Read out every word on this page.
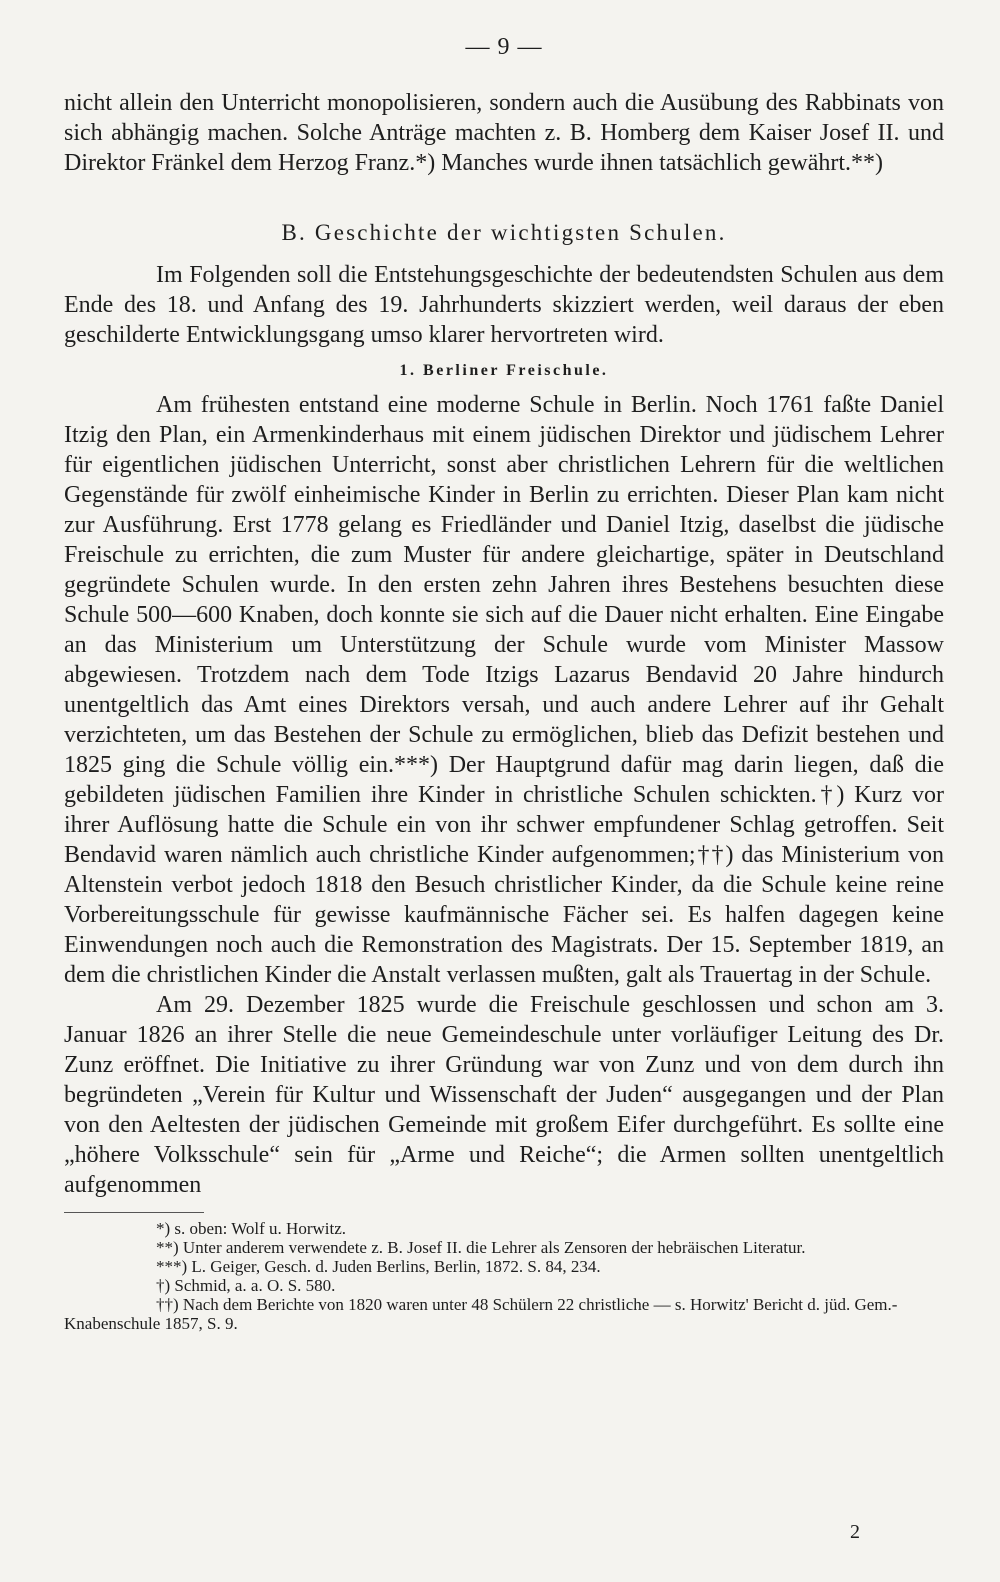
— 9 —

nicht allein den Unterricht monopolisieren, sondern auch die Ausübung des Rabbinats von sich abhängig machen. Solche Anträge machten z. B. Homberg dem Kaiser Josef II. und Direktor Fränkel dem Herzog Franz.*) Manches wurde ihnen tatsächlich gewährt.**)

B. Geschichte der wichtigsten Schulen.

Im Folgenden soll die Entstehungsgeschichte der bedeutendsten Schulen aus dem Ende des 18. und Anfang des 19. Jahrhunderts skizziert werden, weil daraus der eben geschilderte Entwicklungsgang umso klarer hervortreten wird.

1. Berliner Freischule.

Am frühesten entstand eine moderne Schule in Berlin. Noch 1761 faßte Daniel Itzig den Plan, ein Armenkinderhaus mit einem jüdischen Direktor und jüdischem Lehrer für eigentlichen jüdischen Unterricht, sonst aber christlichen Lehrern für die weltlichen Gegenstände für zwölf einheimische Kinder in Berlin zu errichten. Dieser Plan kam nicht zur Ausführung. Erst 1778 gelang es Friedländer und Daniel Itzig, daselbst die jüdische Freischule zu errichten, die zum Muster für andere gleichartige, später in Deutschland gegründete Schulen wurde. In den ersten zehn Jahren ihres Bestehens besuchten diese Schule 500—600 Knaben, doch konnte sie sich auf die Dauer nicht erhalten. Eine Eingabe an das Ministerium um Unterstützung der Schule wurde vom Minister Massow abgewiesen. Trotzdem nach dem Tode Itzigs Lazarus Bendavid 20 Jahre hindurch unentgeltlich das Amt eines Direktors versah, und auch andere Lehrer auf ihr Gehalt verzichteten, um das Bestehen der Schule zu ermöglichen, blieb das Defizit bestehen und 1825 ging die Schule völlig ein.***) Der Hauptgrund dafür mag darin liegen, daß die gebildeten jüdischen Familien ihre Kinder in christliche Schulen schickten.†) Kurz vor ihrer Auflösung hatte die Schule ein von ihr schwer empfundener Schlag getroffen. Seit Bendavid waren nämlich auch christliche Kinder aufgenommen;††) das Ministerium von Altenstein verbot jedoch 1818 den Besuch christlicher Kinder, da die Schule keine reine Vorbereitungsschule für gewisse kaufmännische Fächer sei. Es halfen dagegen keine Einwendungen noch auch die Remonstration des Magistrats. Der 15. September 1819, an dem die christlichen Kinder die Anstalt verlassen mußten, galt als Trauertag in der Schule.

Am 29. Dezember 1825 wurde die Freischule geschlossen und schon am 3. Januar 1826 an ihrer Stelle die neue Gemeindeschule unter vorläufiger Leitung des Dr. Zunz eröffnet. Die Initiative zu ihrer Gründung war von Zunz und von dem durch ihn begründeten „Verein für Kultur und Wissenschaft der Juden“ ausgegangen und der Plan von den Aeltesten der jüdischen Gemeinde mit großem Eifer durchgeführt. Es sollte eine „höhere Volksschule“ sein für „Arme und Reiche“; die Armen sollten unentgeltlich aufgenommen

*) s. oben: Wolf u. Horwitz.

**) Unter anderem verwendete z. B. Josef II. die Lehrer als Zensoren der hebräischen Literatur.

***) L. Geiger, Gesch. d. Juden Berlins, Berlin, 1872. S. 84, 234.

†) Schmid, a. a. O. S. 580.

††) Nach dem Berichte von 1820 waren unter 48 Schülern 22 christliche — s. Horwitz' Bericht d. jüd. Gem.-Knabenschule 1857, S. 9.

2
